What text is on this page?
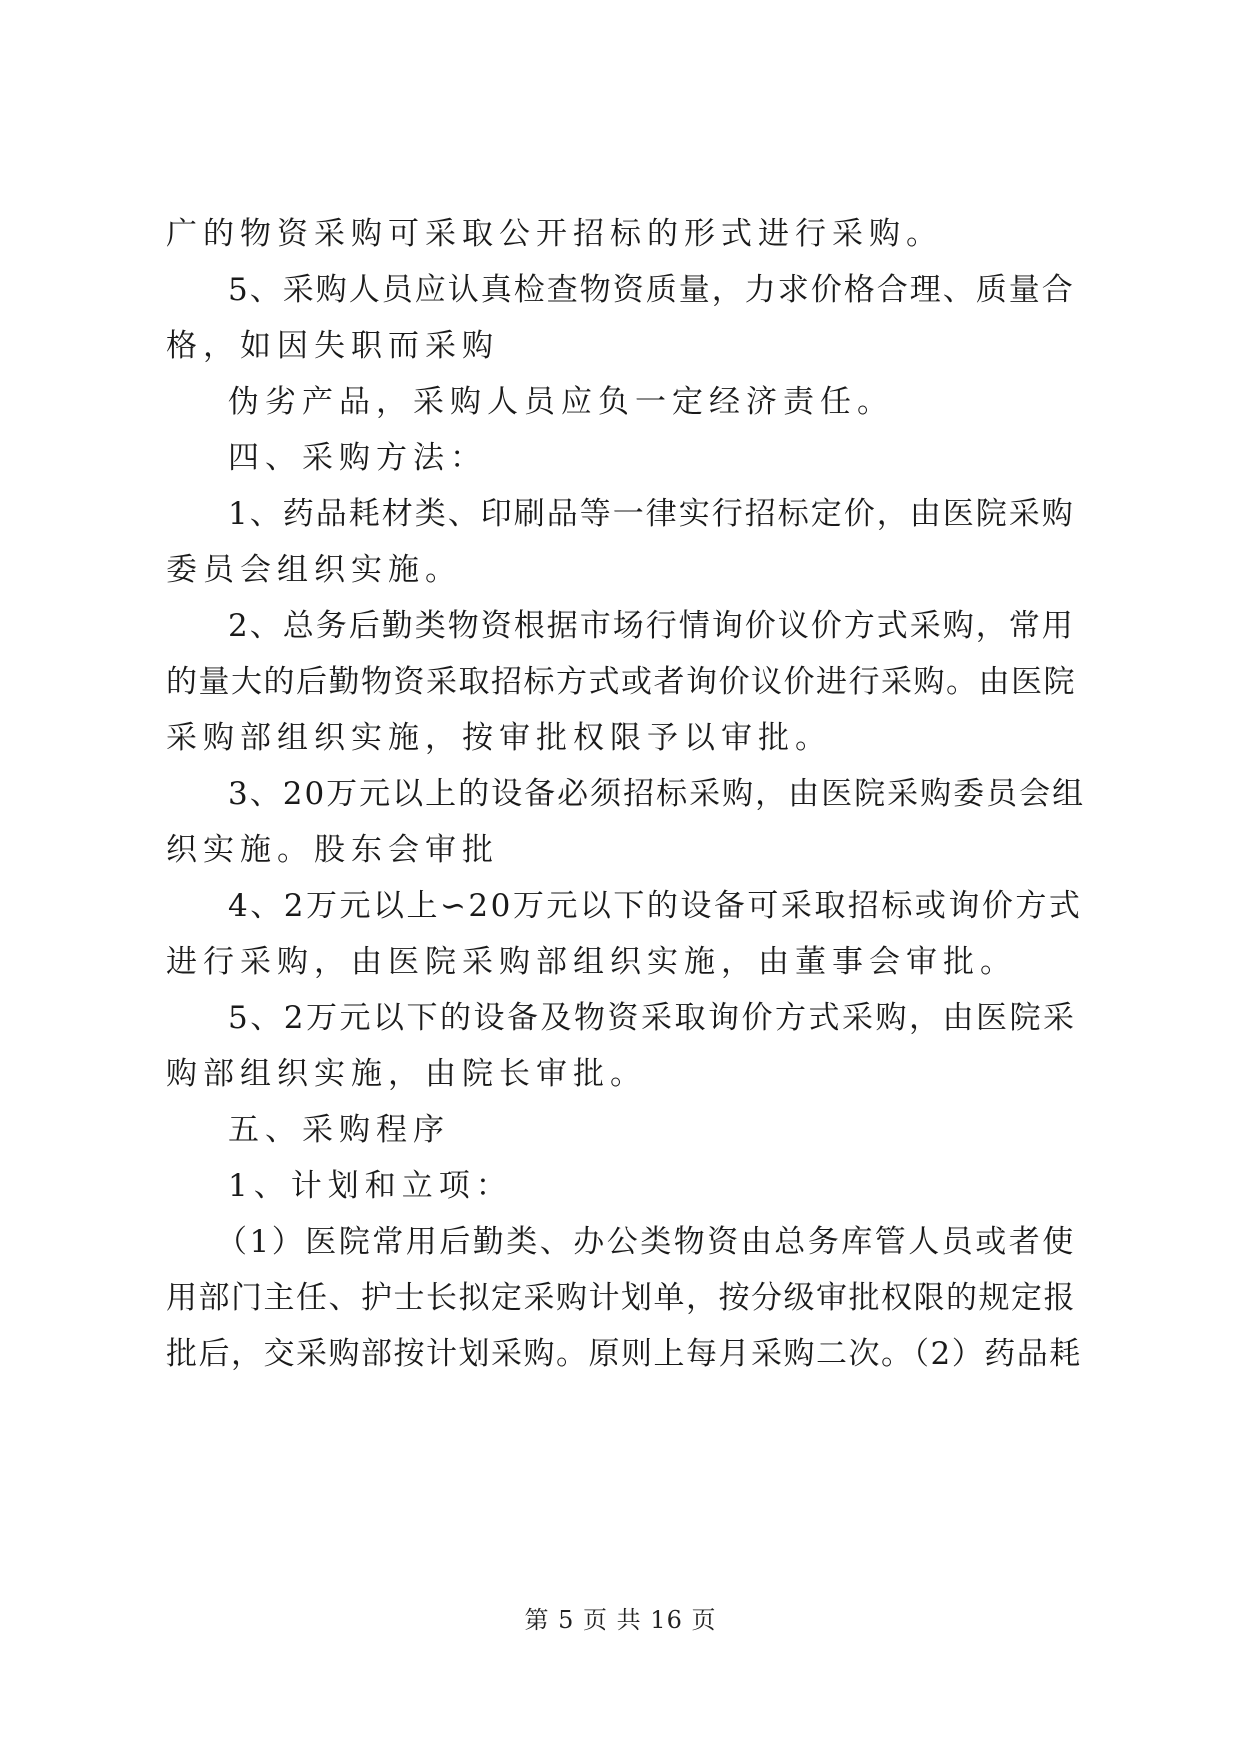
广的物资采购可采取公开招标的形式进行采购。
5、采购人员应认真检查物资质量，力求价格合理、质量合
格，如因失职而采购
伪劣产品，采购人员应负一定经济责任。
四、采购方法：
1、药品耗材类、印刷品等一律实行招标定价，由医院采购
委员会组织实施。
2、总务后勤类物资根据市场行情询价议价方式采购，常用
的量大的后勤物资采取招标方式或者询价议价进行采购。由医院
采购部组织实施，按审批权限予以审批。
3、20万元以上的设备必须招标采购，由医院采购委员会组
织实施。股东会审批
4、2万元以上∽20万元以下的设备可采取招标或询价方式
进行采购，由医院采购部组织实施，由董事会审批。
5、2万元以下的设备及物资采取询价方式采购，由医院采
购部组织实施，由院长审批。
五、采购程序
1、计划和立项：
（1）医院常用后勤类、办公类物资由总务库管人员或者使
用部门主任、护士长拟定采购计划单，按分级审批权限的规定报
批后，交采购部按计划采购。原则上每月采购二次。（2）药品耗
第 5 页 共 16 页
